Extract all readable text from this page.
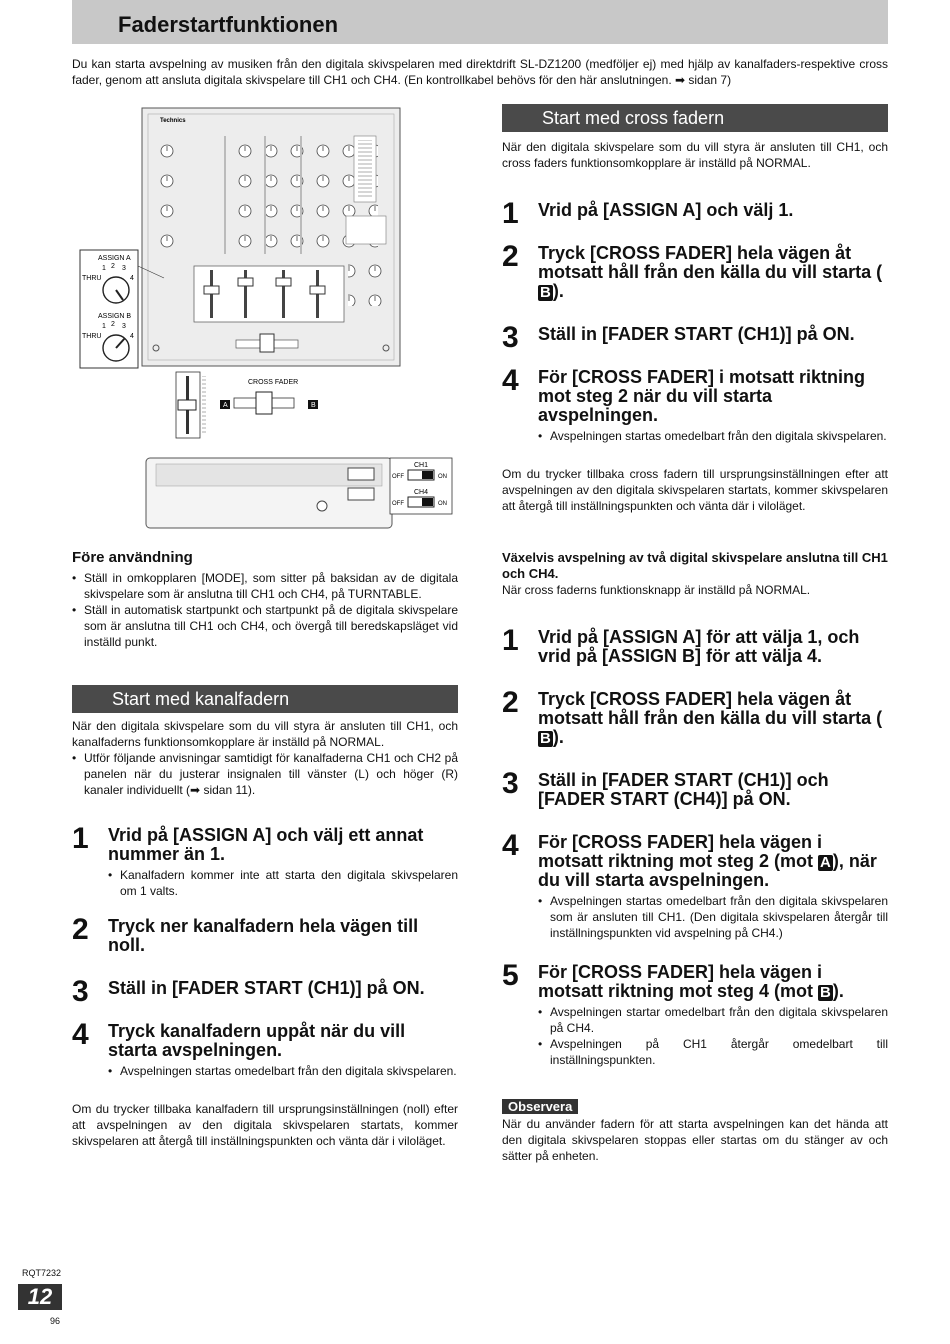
Faderstartfunktionen

Du kan starta avspelning av musiken från den digitala skivspelaren med direktdrift SL-DZ1200 (medföljer ej) med hjälp av kanalfaders-respektive cross fader, genom att ansluta digitala skivspelare till CH1 och CH4. (En kontrollkabel behövs för den här anslutningen. ➡ sidan 7)

Technics
ASSIGN A
1 2 3
THRU	4
ASSIGN B
1 2 3
THRU	4
CROSS FADER
A	B
CH1
OFF	ON
CH4
OFF	ON

Före användning

• Ställ in omkopplaren [MODE], som sitter på baksidan av de digitala skivspelare som är anslutna till CH1 och CH4, på TURNTABLE.
• Ställ in automatisk startpunkt och startpunkt på de digitala skivspelare som är anslutna till CH1 och CH4, och övergå till beredskapsläget vid inställd punkt.

Start med kanalfadern

När den digitala skivspelare som du vill styra är ansluten till CH1, och kanalfaderns funktionsomkopplare är inställd på NORMAL.

• Utför följande anvisningar samtidigt för kanalfaderna CH1 och CH2 på panelen när du justerar insignalen till vänster (L) och höger (R) kanaler individuellt (➡ sidan 11).
1 Vrid på [ASSIGN A] och välj ett annat nummer än 1.

• Kanalfadern kommer inte att starta den digitala skivspelaren om 1 valts.
2 Tryck ner kanalfadern hela vägen till noll.

3 Ställ in [FADER START (CH1)] på ON.

4 Tryck kanalfadern uppåt när du vill starta avspelningen.

• Avspelningen startas omedelbart från den digitala skivspelaren.

Om du trycker tillbaka kanalfadern till ursprungsinställningen (noll) efter att avspelningen av den digitala skivspelaren startats, kommer skivspelaren att återgå till inställningspunkten och vänta där i viloläget.

Start med cross fadern

När den digitala skivspelare som du vill styra är ansluten till CH1, och cross faders funktionsomkopplare är inställd på NORMAL.

1 Vrid på [ASSIGN A] och välj 1.

2 Tryck [CROSS FADER] hela vägen åt motsatt håll från den källa du vill starta (B ).

3 Ställ in [FADER START (CH1)] på ON.

4 För [CROSS FADER] i motsatt riktning mot steg 2 när du vill starta avspelningen.

• Avspelningen startas omedelbart från den digitala skivspelaren.

Om du trycker tillbaka cross fadern till ursprungsinställningen efter att avspelningen av den digitala skivspelaren startats, kommer skivspelaren att återgå till inställningspunkten och vänta där i viloläget.

Växelvis avspelning av två digital skivspelare anslutna till CH1 och CH4.

När cross faderns funktionsknapp är inställd på NORMAL.

1 Vrid på [ASSIGN A] för att välja 1, och vrid på [ASSIGN B] för att välja 4.

2 Tryck [CROSS FADER] hela vägen åt motsatt håll från den källa du vill starta (B ).

3 Ställ in [FADER START (CH1)] och [FADER START (CH4)] på ON.

4 För [CROSS FADER] hela vägen i motsatt riktning mot steg 2 (mot A ), när du vill starta avspelningen.

• Avspelningen startas omedelbart från den digitala skivspelaren som är ansluten till CH1. (Den digitala skivspelaren återgår till inställningspunkten vid avspelning på CH4.)
5 För [CROSS FADER] hela vägen i motsatt riktning mot steg 4 (mot B ).

• Avspelningen startar omedelbart från den digitala skivspelaren på CH4.
• Avspelningen på CH1 återgår omedelbart till inställningspunkten.
Observera

När du använder fadern för att starta avspelningen kan det hända att den digitala skivspelaren stoppas eller startas om du stänger av och sätter på enheten.

RQT7232
12
96
